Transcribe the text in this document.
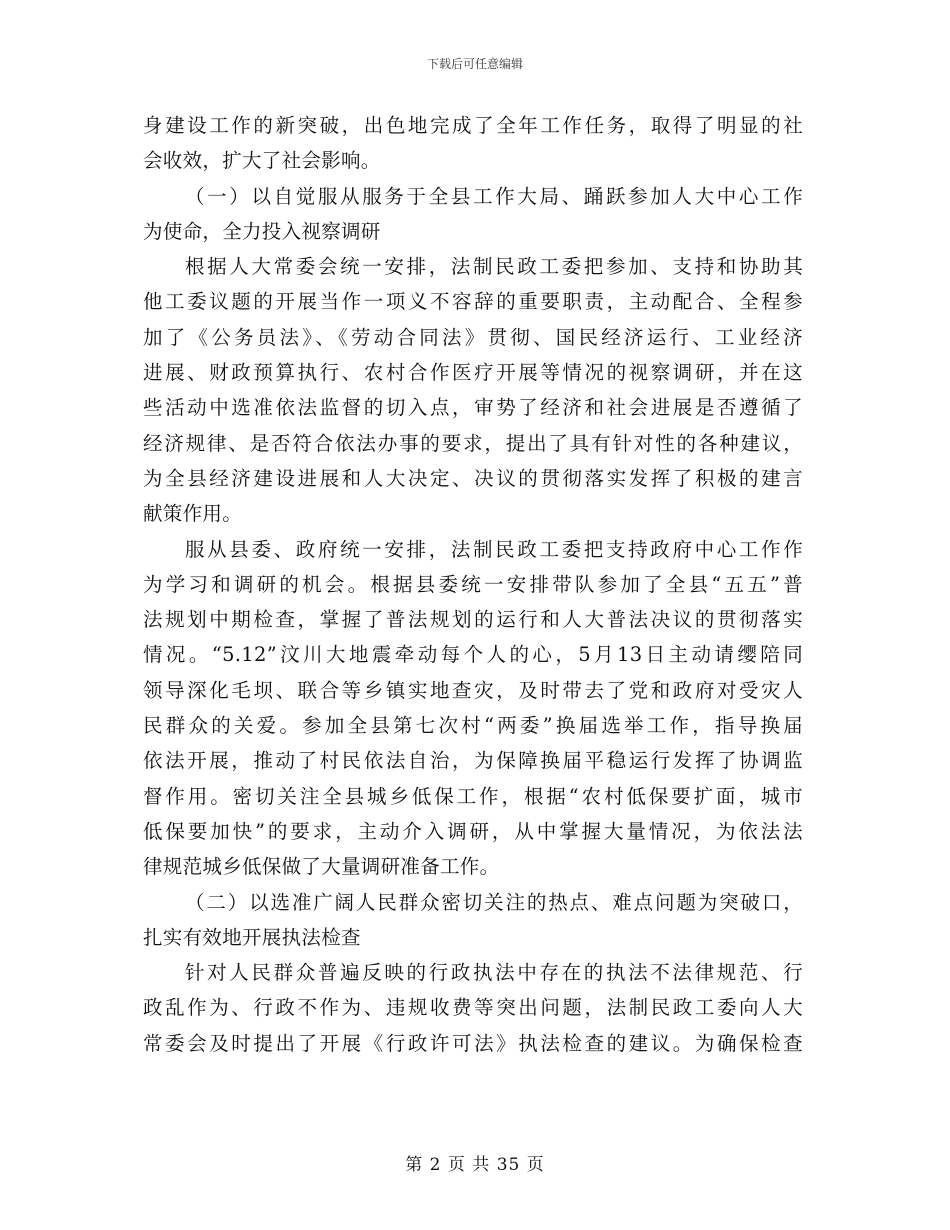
下载后可任意编辑
身建设工作的新突破，出色地完成了全年工作任务，取得了明显的社
会收效，扩大了社会影响。
（一）以自觉服从服务于全县工作大局、踊跃参加人大中心工作
为使命，全力投入视察调研
根据人大常委会统一安排，法制民政工委把参加、支持和协助其
他工委议题的开展当作一项义不容辞的重要职责，主动配合、全程参
加了《公务员法》、《劳动合同法》贯彻、国民经济运行、工业经济
进展、财政预算执行、农村合作医疗开展等情况的视察调研，并在这
些活动中选准依法监督的切入点，审势了经济和社会进展是否遵循了
经济规律、是否符合依法办事的要求，提出了具有针对性的各种建议，
为全县经济建设进展和人大决定、决议的贯彻落实发挥了积极的建言
献策作用。
服从县委、政府统一安排，法制民政工委把支持政府中心工作作
为学习和调研的机会。根据县委统一安排带队参加了全县“五五”普
法规划中期检查，掌握了普法规划的运行和人大普法决议的贯彻落实
情况。“5.12”汶川大地震牵动每个人的心，5月13日主动请缨陪同
领导深化毛坝、联合等乡镇实地查灾，及时带去了党和政府对受灾人
民群众的关爱。参加全县第七次村“两委”换届选举工作，指导换届
依法开展，推动了村民依法自治，为保障换届平稳运行发挥了协调监
督作用。密切关注全县城乡低保工作，根据“农村低保要扩面，城市
低保要加快”的要求，主动介入调研，从中掌握大量情况，为依法法
律规范城乡低保做了大量调研准备工作。
（二）以选准广阔人民群众密切关注的热点、难点问题为突破口，
扎实有效地开展执法检查
针对人民群众普遍反映的行政执法中存在的执法不法律规范、行
政乱作为、行政不作为、违规收费等突出问题，法制民政工委向人大
常委会及时提出了开展《行政许可法》执法检查的建议。为确保检查
第 2 页 共 35 页
